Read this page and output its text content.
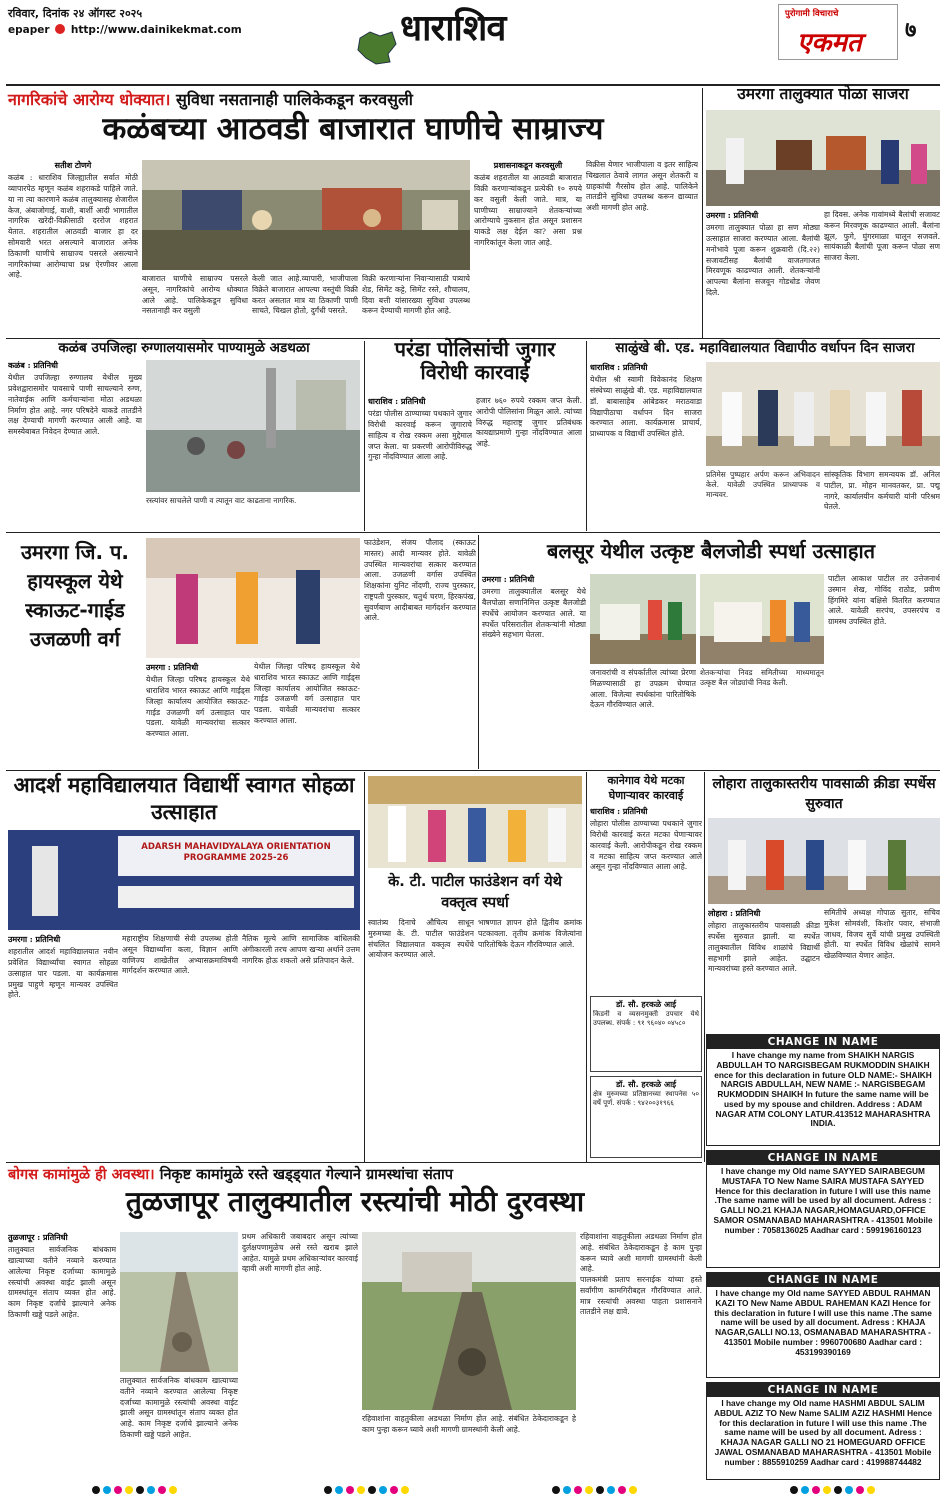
रविवार, दिनांक २४ ऑगस्ट २०२५
epaper http://www.dainikekmat.com	धाराशिव	पुरोगामी विचाराचे
एकमत ७
नागरिकांचे आरोग्य धोक्यात। सुविधा नसतानाही पालिकेकडून करवसुली
कळंबच्या आठवडी बाजारात घाणीचे साम्राज्य
सतीश टोणगे
कळंब : धाराशिव जिल्ह्यातील सर्वात मोठी व्यापारपेठ म्हणून कळंब शहराकडे पाहिले जाते. या ना त्या कारणाने कळंब तालुक्यासह शेजारील केज, अंबाजोगाई, वाशी, बार्शी आदी भागातील नागरिक खरेदी-विक्रीसाठी दररोज शहरात येतात. शहरातील आठवडी बाजार हा दर सोमवारी भरत असल्याने बाजारात अनेक ठिकाणी घाणीचे साम्राज्य पसरले असल्याने नागरिकांच्या आरोग्याचा प्रश्न ऐरणीवर आला आहे.	बाजारात घाणीचे साम्राज्य पसरले असून, नागरिकांचे आरोग्य धोक्यात आले आहे. पालिकेकडून सुविधा नसतानाही कर वसुली
केली जात आहे.व्यापारी, भाजीपाला विक्रेते बाजारात आपल्या वस्तूंची विक्री करत असतात मात्र या ठिकाणी पाणी साचते, चिखल होतो, दुर्गंधी पसरते.
विक्री करणाऱ्यांना निवाऱ्यासाठी पत्र्याचे शेड, सिमेंट कट्टे, सिमेंट रस्ते, शौचालय, दिवा बत्ती यांसारख्या सुविधा उपलब्ध करून देण्याची मागणी होत आहे.
प्रशासनाकडून करवसुली
कळंब शहरातील या आठवडी बाजारात विक्री करणाऱ्यांकडून प्रत्येकी १० रुपये कर वसुली केली जाते. मात्र, या घाणीच्या साम्राज्याने शेतकऱ्यांच्या आरोग्याचे नुकसान होत असून प्रशासन याकडे लक्ष देईल का? असा प्रश्न नागरिकांतून केला जात आहे.
विक्रीस येणार भाजीपाला व इतर साहित्य चिखलात ठेवावे लागत असून शेतकरी व ग्राहकांची गैरसोय होत आहे. पालिकेने तातडीने सुविधा उपलब्ध करून द्याव्यात अशी मागणी होत आहे.
उमरगा तालुक्यात पोळा साजरा
उमरगा : प्रतिनिधी
उमरगा तालुक्यात पोळा हा सण मोठ्या उत्साहात साजरा करण्यात आला. बैलांची मनोभावे पूजा करून शुक्रवारी (दि.२२) सजावटीसह बैलांची वाजतगाजत मिरवणूक काढण्यात आली. शेतकऱ्यांनी आपल्या बैलांना सजवून गोडधोड जेवण दिले.
हा दिवस. अनेक गावांमध्ये बैलांची सजावट करून मिरवणूक काढण्यात आली. बैलांना झूल, फुगे, घुंगरमाळा घालून सजवले. सायंकाळी बैलांची पूजा करून पोळा सण साजरा केला.
कळंब उपजिल्हा रुग्णालयासमोर पाण्यामुळे अडथळा
कळंब : प्रतिनिधी
येथील उपजिल्हा रुग्णालय येथील मुख्य प्रवेशद्वारासमोर पावसाचे पाणी साचल्याने रुग्ण, नातेवाईक आणि कर्मचाऱ्यांना मोठा अडथळा निर्माण होत आहे. नगर परिषदेने याकडे तातडीने लक्ष देण्याची मागणी करण्यात आली आहे. या समस्येबाबत निवेदन देण्यात आले.
रस्त्यांवर साचलेले पाणी व त्यातून वाट काढताना नागरिक.
परंडा पोलिसांची जुगार विरोधी कारवाई
धाराशिव : प्रतिनिधी
परंडा पोलीस ठाण्याच्या पथकाने जुगार विरोधी कारवाई करून जुगाराचे साहित्य व रोख रक्कम असा मुद्देमाल जप्त केला. या प्रकरणी आरोपीविरुद्ध गुन्हा नोंदविण्यात आला आहे.
हजार ७६० रुपये रक्कम जप्त केली. आरोपी पोलिसांना मिळून आले. त्यांच्या विरुद्ध महाराष्ट्र जुगार प्रतिबंधक कायद्याप्रमाणे गुन्हा नोंदविण्यात आला आहे.
साळुंखे बी. एड. महाविद्यालयात विद्यापीठ वर्धापन दिन साजरा
धाराशिव : प्रतिनिधी
येथील श्री स्वामी विवेकानंद शिक्षण संस्थेच्या साळुंखे बी. एड. महाविद्यालयात डॉ. बाबासाहेब आंबेडकर मराठवाडा विद्यापीठाचा वर्धापन दिन साजरा करण्यात आला. कार्यक्रमास प्राचार्य, प्राध्यापक व विद्यार्थी उपस्थित होते.
प्रतिमेस पुष्पहार अर्पण करून अभिवादन केले. यावेळी उपस्थित प्राध्यापक व मान्यवर.
सांस्कृतिक विभाग समन्वयक डॉ. अनिल पाटील, प्रा. मोहन मानवतकर, प्रा. पद्मू नागरे, कार्यालयीन कर्मचारी यांनी परिश्रम घेतले.
उमरगा जि. प. हायस्कूल येथे स्काऊट-गाईड उजळणी वर्ग
उमरगा : प्रतिनिधी
येथील जिल्हा परिषद हायस्कूल येथे धाराशिव भारत स्काऊट आणि गाईड्स जिल्हा कार्यालय आयोजित स्काऊट-गाईड उजळणी वर्ग उत्साहात पार पडला. यावेळी मान्यवरांचा सत्कार करण्यात आला.
येथील जिल्हा परिषद हायस्कूल येथे धाराशिव भारत स्काऊट आणि गाईड्स जिल्हा कार्यालय आयोजित स्काऊट-गाईड उजळणी वर्ग उत्साहात पार पडला. यावेळी मान्यवरांचा सत्कार करण्यात आला.
फाउंडेशन, संजय पौलाद (स्काऊट मास्तर) आदी मान्यवर होते. यावेळी उपस्थित मान्यवरांचा सत्कार करण्यात आला. उजळणी वर्गास उपस्थित शिक्षकांना युनिट नोंदणी, राज्य पुरस्कार, राष्ट्रपती पुरस्कार, चतुर्थ चरण, हिरकपंख, सुवर्णबाण आदीबाबत मार्गदर्शन करण्यात आले.
बलसूर येथील उत्कृष्ट बैलजोडी स्पर्धा उत्साहात
उमरगा : प्रतिनिधी
उमरगा तालुक्यातील बलसूर येथे बैलपोळा सणानिमित्त उत्कृष्ट बैलजोडी स्पर्धेचे आयोजन करण्यात आले. या स्पर्धेत परिसरातील शेतकऱ्यांनी मोठ्या संख्येने सहभाग घेतला.
जनावरांची व संपर्कातील त्यांच्या प्रेरणा मिळण्यासाठी हा उपक्रम घेण्यात आला. विजेत्या स्पर्धकांना पारितोषिके देऊन गौरविण्यात आले.
शेतकऱ्यांचा निवड समितीच्या माध्यमातून उत्कृष्ट बैल जोड्यांची निवड केली.
पाटील आकाश पाटील तर उत्तेजनार्थ उस्मान शेख, गोविंद राठोड, प्रवीण हिंगमिरे यांना बक्षिसे वितरित करण्यात आले. यावेळी सरपंच, उपसरपंच व ग्रामस्थ उपस्थित होते.
आदर्श महाविद्यालयात विद्यार्थी स्वागत सोहळा उत्साहात
ADARSH MAHAVIDYALAYA ORIENTATION PROGRAMME 2025-26
उमरगा : प्रतिनिधी
शहरातील आदर्श महाविद्यालयात नवीन प्रवेशित विद्यार्थ्यांचा स्वागत सोहळा उत्साहात पार पडला. या कार्यक्रमास प्रमुख पाहुणे म्हणून मान्यवर उपस्थित होते.
महाराष्ट्रीय शिक्षणाची सेवी उपलब्ध होती असून विद्यार्थ्यांना कला, विज्ञान आणि वाणिज्य शाखेतील अभ्यासक्रमाविषयी मार्गदर्शन करण्यात आले.
नैतिक मूल्ये आणि सामाजिक बांधिलकी अंगीकारली तरच आपण खऱ्या अर्थाने उत्तम नागरिक होऊ शकतो असे प्रतिपादन केले.
के. टी. पाटील फाउंडेशन वर्ग येथे वक्तृत्व स्पर्धा
स्वातंत्र्य दिनाचे औचित्य साधून मुरुमच्या के. टी. पाटील फाउंडेशन संचलित विद्यालयात वक्तृत्व स्पर्धेचे आयोजन करण्यात आले.
भाषणात ज्ञापन होते द्वितीय क्रमांक पटकावला. तृतीय क्रमांक विजेत्यांना पारितोषिके देऊन गौरविण्यात आले.
कानेगाव येथे मटका घेणाऱ्यावर कारवाई
धाराशिव : प्रतिनिधी
लोहारा पोलीस ठाण्याच्या पथकाने जुगार विरोधी कारवाई करत मटका घेणाऱ्यावर कारवाई केली. आरोपीकडून रोख रक्कम व मटका साहित्य जप्त करण्यात आले असून गुन्हा नोंदविण्यात आला आहे.
डॉ. सौ. हरकळे आई
किडनी व व्यसनमुक्ती उपचार येथे उपलब्ध. संपर्क : ९१ ९६०४० ०४५८०
डॉ. सौ. हरकळे आई
क्षेत्र मुरुमच्या प्रतिष्ठानच्या स्थापनेस ५० वर्षे पूर्ण. संपर्क : ९४२००३१९६६
लोहारा तालुकास्तरीय पावसाळी क्रीडा स्पर्धेस सुरुवात
लोहारा : प्रतिनिधी
लोहारा तालुकास्तरीय पावसाळी क्रीडा स्पर्धेस सुरुवात झाली. या स्पर्धेत तालुक्यातील विविध शाळांचे विद्यार्थी सहभागी झाले आहेत. उद्घाटन मान्यवरांच्या हस्ते करण्यात आले.
समितीचे अध्यक्ष गोपाळ सुतार, सचिव मुकेश सोमवंशी, किशोर पवार, संभाजी जाधव, विजय सुर्वे यांची प्रमुख उपस्थिती होती. या स्पर्धेत विविध खेळांचे सामने खेळविण्यात येणार आहेत.
CHANGE IN NAME
I have change my name from SHAIKH NARGIS ABDULLAH TO NARGISBEGAM RUKMODDIN SHAIKH ence for this declaration in future OLD NAME:- SHAIKH NARGIS ABDULLAH, NEW NAME :- NARGISBEGAM RUKMODDIN SHAIKH In future the same name will be used by my spouse and children. Address : ADAM NAGAR ATM COLONY LATUR.413512 MAHARASHTRA INDIA.
CHANGE IN NAME
I have change my Old name SAYYED SAIRABEGUM MUSTAFA TO New Name SAIRA MUSTAFA SAYYED Hence for this declaration in future I will use this name .The same name will be used by all document. Adress : GALLI NO.21 KHAJA NAGAR,HOMAGUARD,OFFICE SAMOR OSMANABAD MAHARASHTRA - 413501 Mobile number : 7058136025 Aadhar card : 599196160123
CHANGE IN NAME
I have change my Old name SAYYED ABDUL RAHMAN KAZI TO New Name ABDUL RAHEMAN KAZI Hence for this declaration in future I will use this name .The same name will be used by all document. Adress : KHAJA NAGAR,GALLI NO.13, OSMANABAD MAHARASHTRA - 413501 Mobile number : 9960700680 Aadhar card : 453199390169
CHANGE IN NAME
I have change my Old name HASHMI ABDUL SALIM ABDUL AZIZ TO New Name SALIM AZIZ HASHMI Hence for this declaration in future I will use this name .The same name will be used by all document. Adress : KHAJA NAGAR GALLI NO 21 HOMEGUARD OFFICE JAWAL OSMANABAD MAHARASHTRA - 413501 Mobile number : 8855910259 Aadhar card : 419988744482
बोगस कामांमुळे ही अवस्था। निकृष्ट कामांमुळे रस्ते खड्ड्यात गेल्याने ग्रामस्थांचा संताप
तुळजापूर तालुक्यातील रस्त्यांची मोठी दुरवस्था
तुळजापूर : प्रतिनिधी
तालुक्यात सार्वजनिक बांधकाम खात्याच्या वतीने नव्याने करण्यात आलेल्या निकृष्ट दर्जाच्या कामामुळे रस्त्यांची अवस्था वाईट झाली असून ग्रामस्थांतून संताप व्यक्त होत आहे. काम निकृष्ट दर्जाचे झाल्याने अनेक ठिकाणी खड्डे पडले आहेत.
तालुक्यात सार्वजनिक बांधकाम खात्याच्या वतीने नव्याने करण्यात आलेल्या निकृष्ट दर्जाच्या कामामुळे रस्त्यांची अवस्था वाईट झाली असून ग्रामस्थांतून संताप व्यक्त होत आहे. काम निकृष्ट दर्जाचे झाल्याने अनेक ठिकाणी खड्डे पडले आहेत.
प्रथम अधिकारी जबाबदार असून त्यांच्या दुर्लक्षपणामुळेच असे रस्ते खराब झाले आहेत. यामुळे प्रथम अधिकाऱ्यांवर कारवाई व्हावी अशी मागणी होत आहे.
रहिवाशांना वाहतुकीला अडथळा निर्माण होत आहे. संबंधित ठेकेदाराकडून हे काम पुन्हा करून घ्यावे अशी मागणी ग्रामस्थांनी केली आहे.
रहिवाशांना वाहतुकीला अडथळा निर्माण होत आहे. संबंधित ठेकेदाराकडून हे काम पुन्हा करून घ्यावे अशी मागणी ग्रामस्थांनी केली आहे.
पालकमंत्री प्रताप सरनाईक यांच्या हस्ते सर्वांगीण कामगिरीबद्दल गौरविण्यात आले. मात्र रस्त्यांची अवस्था पाहता प्रशासनाने तातडीने लक्ष द्यावे.
